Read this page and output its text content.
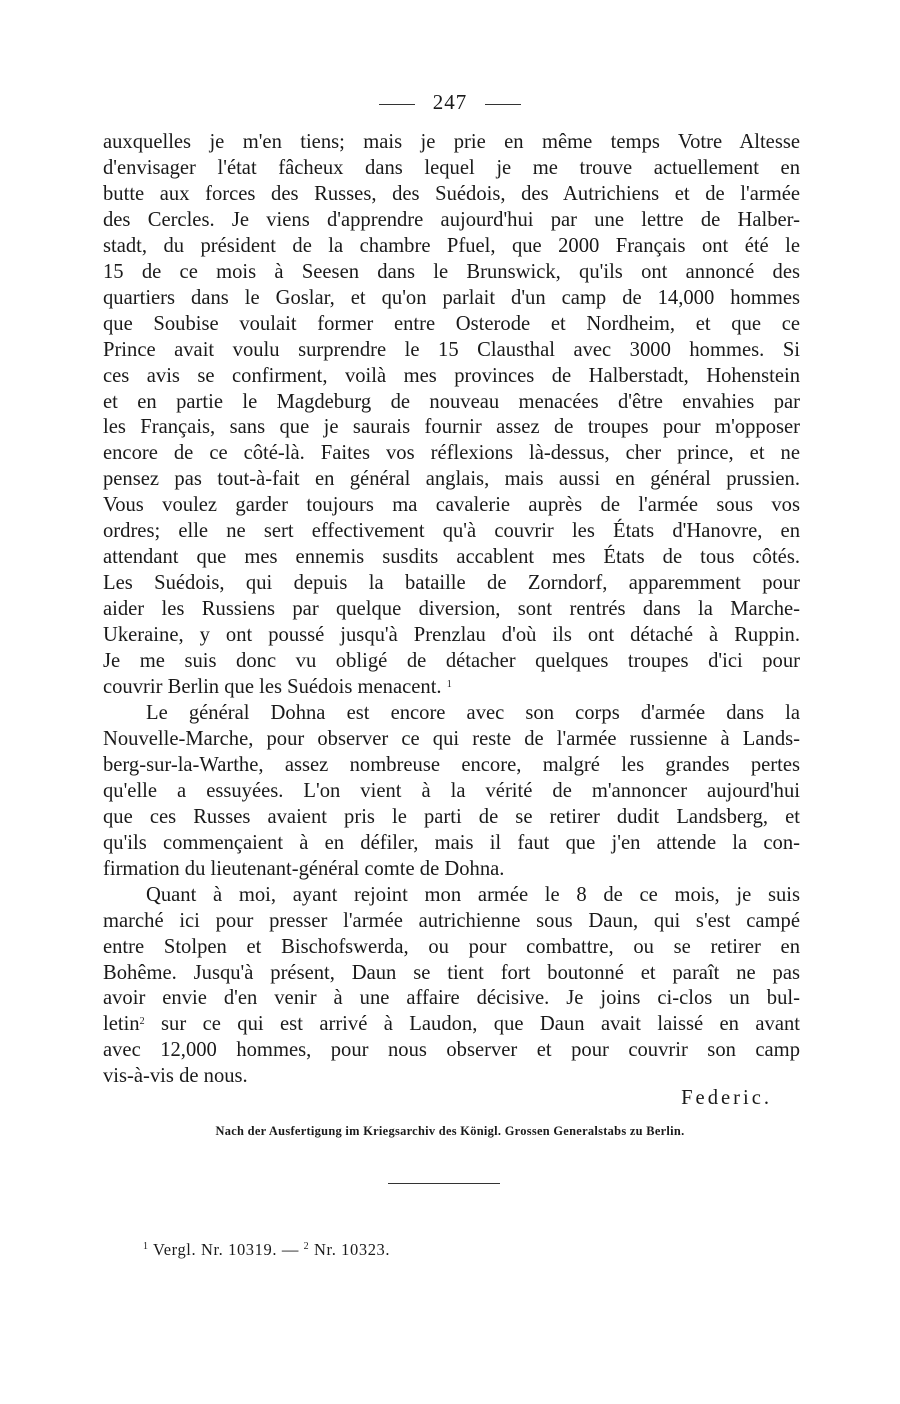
247

auxquelles je m'en tiens; mais je prie en même temps Votre Altesse
d'envisager l'état fâcheux dans lequel je me trouve actuellement en
butte aux forces des Russes, des Suédois, des Autrichiens et de l'armée
des Cercles. Je viens d'apprendre aujourd'hui par une lettre de Halber-
stadt, du président de la chambre Pfuel, que 2000 Français ont été le
15 de ce mois à Seesen dans le Brunswick, qu'ils ont annoncé des
quartiers dans le Goslar, et qu'on parlait d'un camp de 14,000 hommes
que Soubise voulait former entre Osterode et Nordheim, et que ce
Prince avait voulu surprendre le 15 Clausthal avec 3000 hommes. Si
ces avis se confirment, voilà mes provinces de Halberstadt, Hohenstein
et en partie le Magdeburg de nouveau menacées d'être envahies par
les Français, sans que je saurais fournir assez de troupes pour m'opposer
encore de ce côté-là. Faites vos réflexions là-dessus, cher prince, et ne
pensez pas tout-à-fait en général anglais, mais aussi en général prussien.
Vous voulez garder toujours ma cavalerie auprès de l'armée sous vos
ordres; elle ne sert effectivement qu'à couvrir les États d'Hanovre, en
attendant que mes ennemis susdits accablent mes États de tous côtés.
Les Suédois, qui depuis la bataille de Zorndorf, apparemment pour
aider les Russiens par quelque diversion, sont rentrés dans la Marche-
Ukeraine, y ont poussé jusqu'à Prenzlau d'où ils ont détaché à Ruppin.
Je me suis donc vu obligé de détacher quelques troupes d'ici pour
couvrir Berlin que les Suédois menacent. $^1$

Le général Dohna est encore avec son corps d'armée dans la
Nouvelle-Marche, pour observer ce qui reste de l'armée russienne à Lands-
berg-sur-la-Warthe, assez nombreuse encore, malgré les grandes pertes
qu'elle a essuyées. L'on vient à la vérité de m'annoncer aujourd'hui
que ces Russes avaient pris le parti de se retirer dudit Landsberg, et
qu'ils commençaient à en défiler, mais il faut que j'en attende la con-
firmation du lieutenant-général comte de Dohna.

Quant à moi, ayant rejoint mon armée le 8 de ce mois, je suis
marché ici pour presser l'armée autrichienne sous Daun, qui s'est campé
entre Stolpen et Bischofswerda, ou pour combattre, ou se retirer en
Bohême. Jusqu'à présent, Daun se tient fort boutonné et paraît ne pas
avoir envie d'en venir à une affaire décisive. Je joins ci-clos un bul-
letin$^2$ sur ce qui est arrivé à Laudon, que Daun avait laissé en avant
avec 12,000 hommes, pour nous observer et pour couvrir son camp
vis-à-vis de nous.

Federic.
Nach der Ausfertigung im Kriegsarchiv des Königl. Grossen Generalstabs zu Berlin.
$^1$ Vergl. Nr. 10319. — $^2$ Nr. 10323.
